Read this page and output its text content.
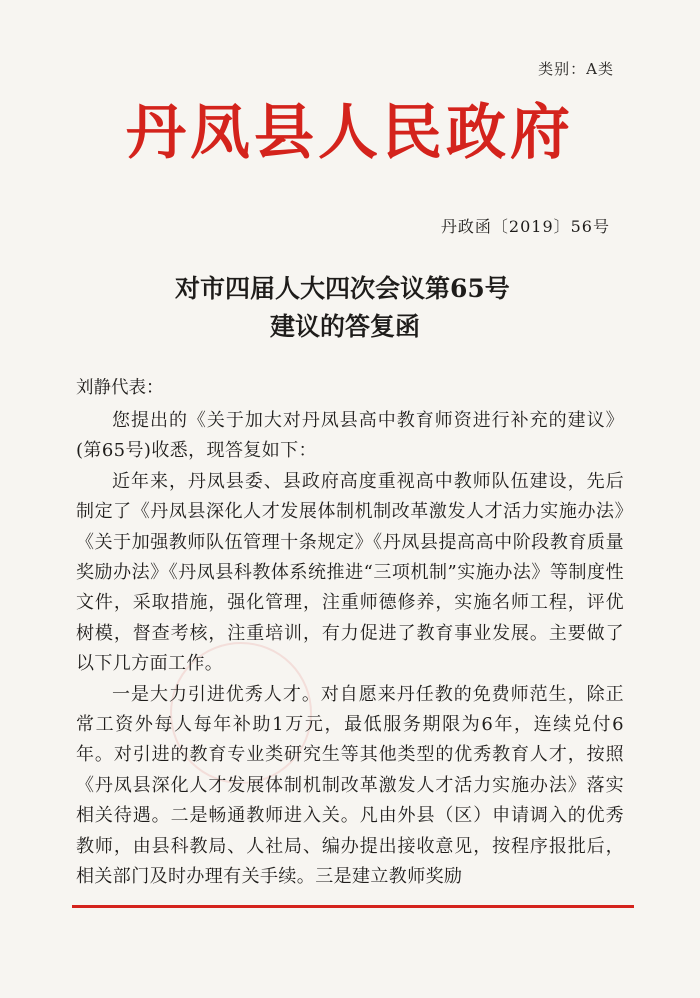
类别：A类
丹凤县人民政府
丹政函〔2019〕56号
对市四届人大四次会议第65号
建议的答复函
刘静代表：

您提出的《关于加大对丹凤县高中教育师资进行补充的建议》(第65号)收悉，现答复如下：

近年来，丹凤县委、县政府高度重视高中教师队伍建设，先后制定了《丹凤县深化人才发展体制机制改革激发人才活力实施办法》《关于加强教师队伍管理十条规定》《丹凤县提高高中阶段教育质量奖励办法》《丹凤县科教体系统推进“三项机制”实施办法》等制度性文件，采取措施，强化管理，注重师德修养，实施名师工程，评优树模，督查考核，注重培训，有力促进了教育事业发展。主要做了以下几方面工作。

一是大力引进优秀人才。对自愿来丹任教的免费师范生，除正常工资外每人每年补助1万元，最低服务期限为6年，连续兑付6年。对引进的教育专业类研究生等其他类型的优秀教育人才，按照《丹凤县深化人才发展体制机制改革激发人才活力实施办法》落实相关待遇。二是畅通教师进入关。凡由外县（区）申请调入的优秀教师，由县科教局、人社局、编办提出接收意见，按程序报批后，相关部门及时办理有关手续。三是建立教师奖励
